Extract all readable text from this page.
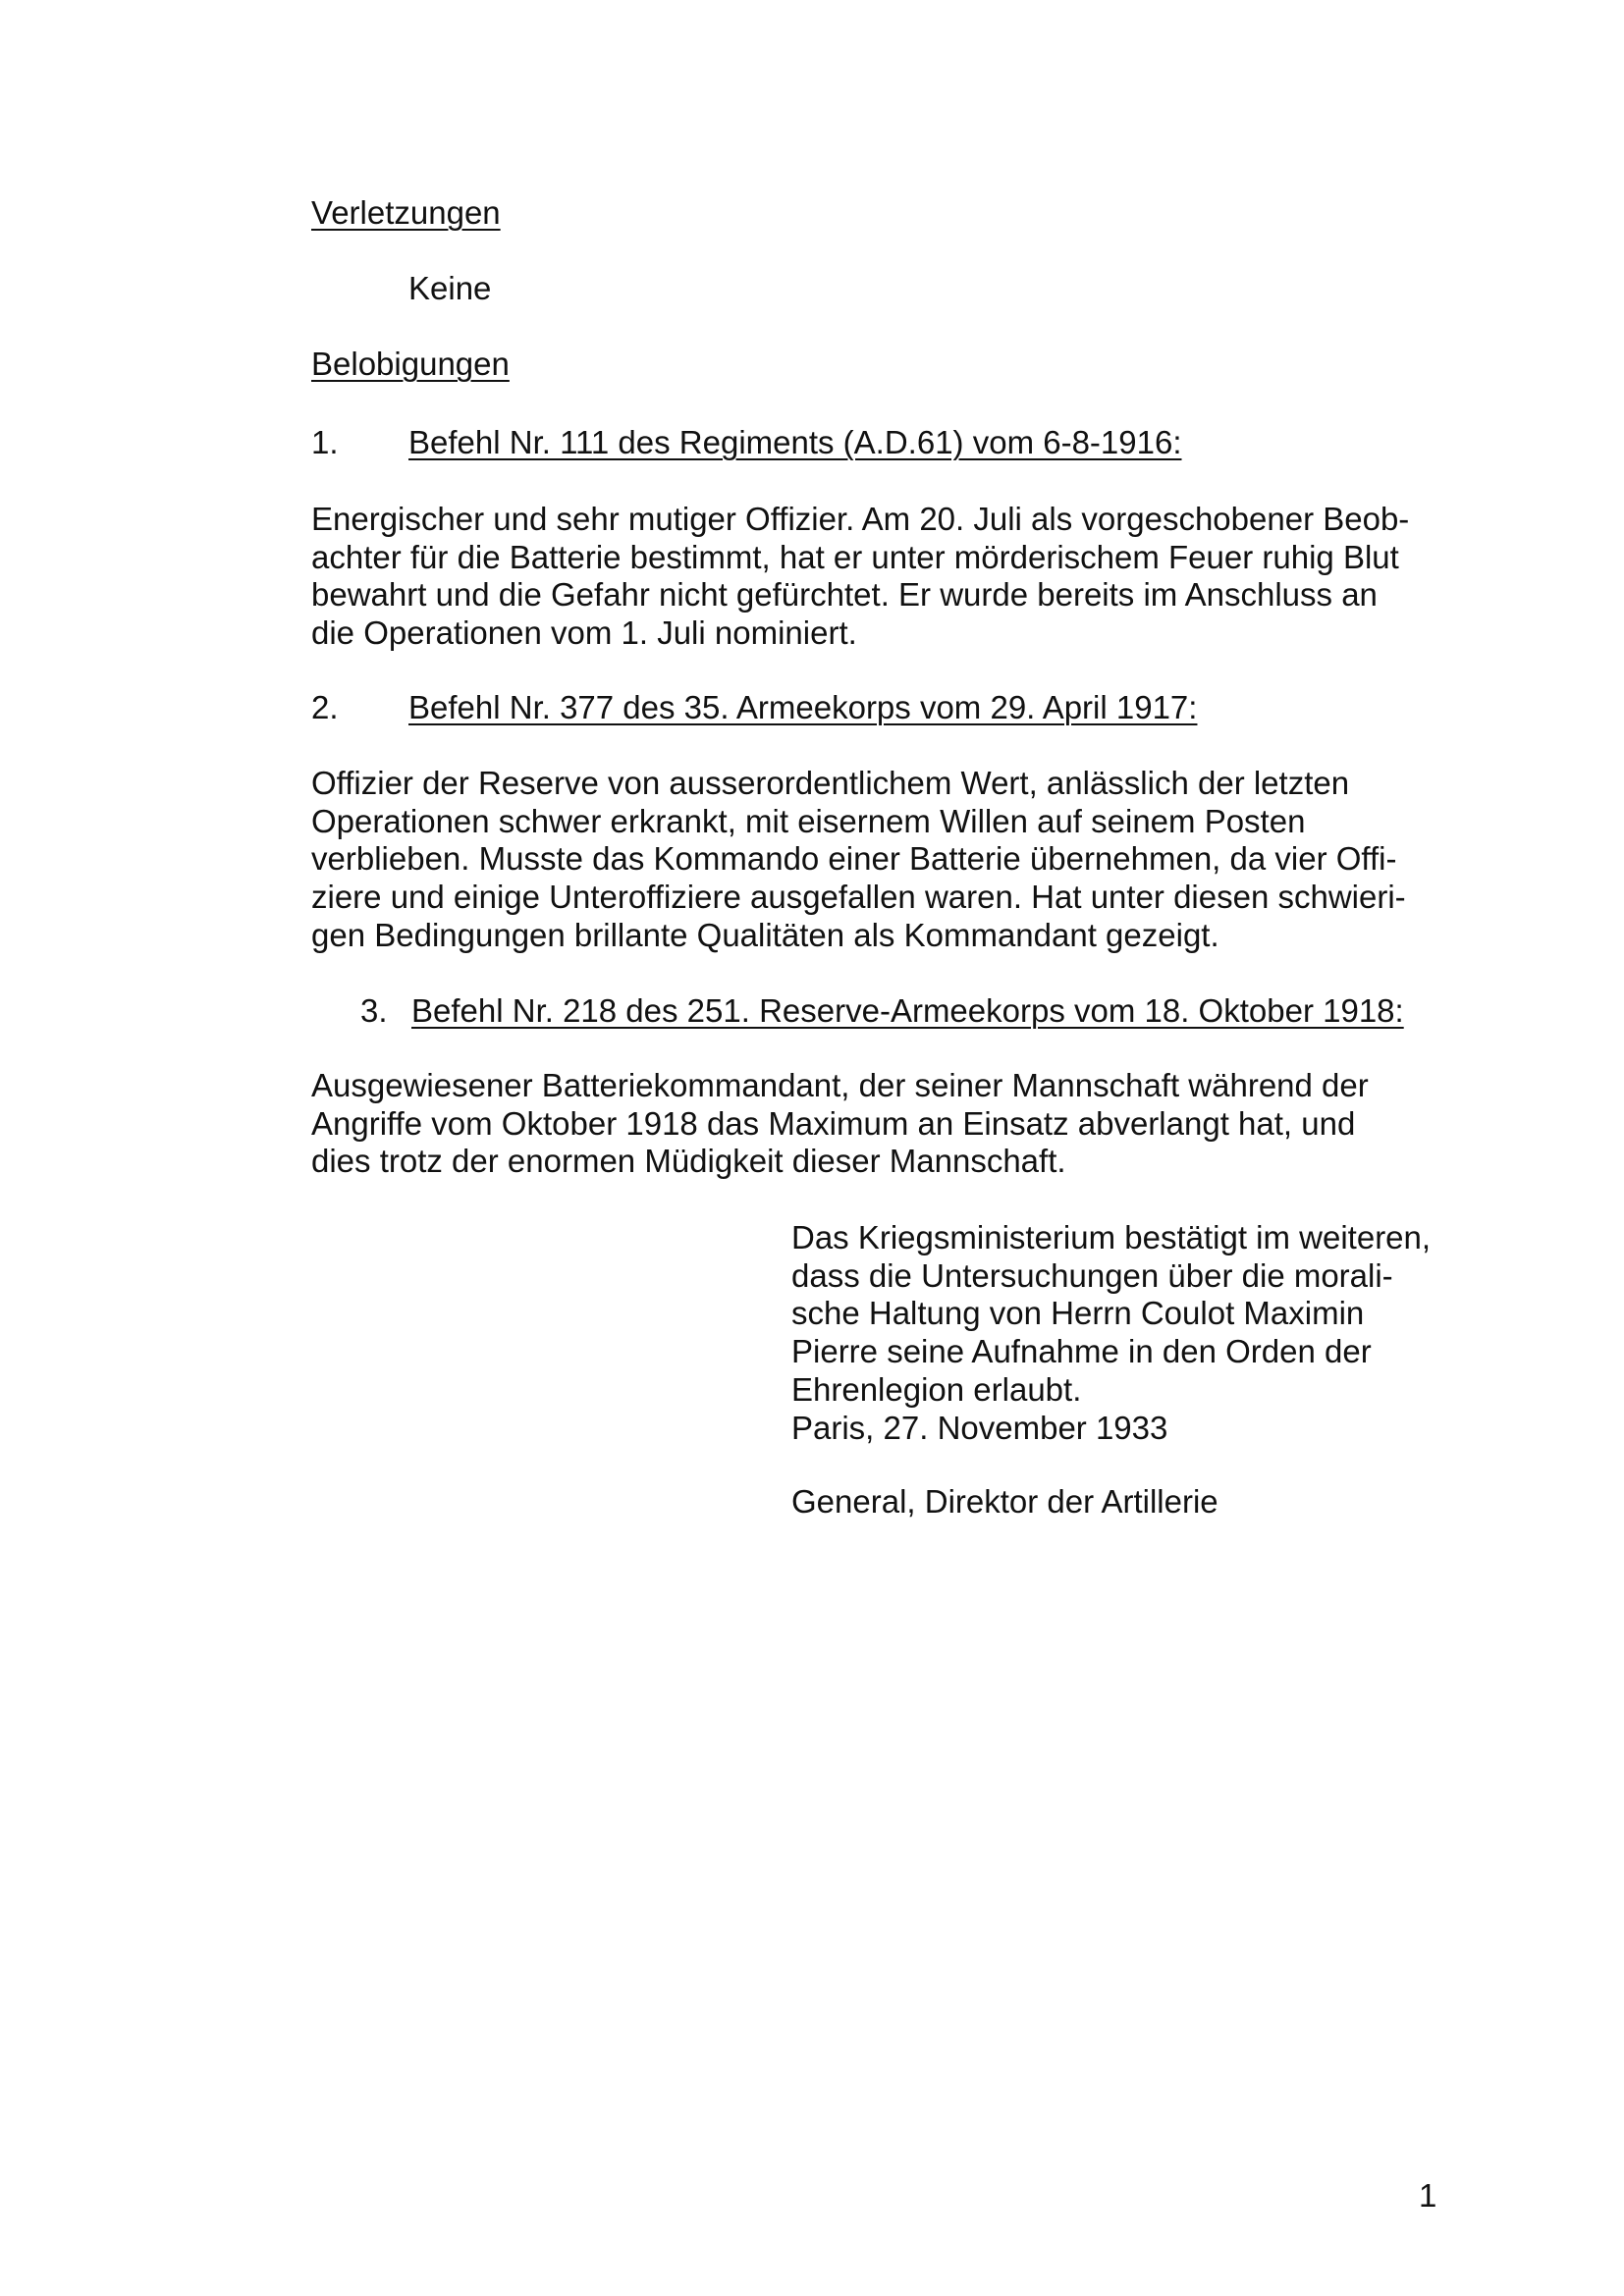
Verletzungen

Keine

Belobigungen

1. Befehl Nr. 111 des Regiments (A.D.61) vom 6-8-1916:

Energischer und sehr mutiger Offizier. Am 20. Juli als vorgeschobener Beob-
achter für die Batterie bestimmt, hat er unter mörderischem Feuer ruhig Blut
bewahrt und die Gefahr nicht gefürchtet. Er wurde bereits im Anschluss an
die Operationen vom 1. Juli nominiert.

2. Befehl Nr. 377 des 35. Armeekorps vom 29. April 1917:

Offizier der Reserve von ausserordentlichem Wert, anlässlich der letzten
Operationen schwer erkrankt, mit eisernem Willen auf seinem Posten
verblieben. Musste das Kommando einer Batterie übernehmen, da vier Offi-
ziere und einige Unteroffiziere ausgefallen waren. Hat unter diesen schwieri-
gen Bedingungen brillante Qualitäten als Kommandant gezeigt.

3. Befehl Nr. 218 des 251. Reserve-Armeekorps vom 18. Oktober 1918:

Ausgewiesener Batteriekommandant, der seiner Mannschaft während der
Angriffe vom Oktober 1918 das Maximum an Einsatz abverlangt hat, und
dies trotz der enormen Müdigkeit dieser Mannschaft.
Das Kriegsministerium bestätigt im weiteren,
dass die Untersuchungen über die morali-
sche Haltung von Herrn Coulot Maximin
Pierre seine Aufnahme in den Orden der
Ehrenlegion erlaubt.
Paris, 27. November 1933

General, Direktor der Artillerie

1
